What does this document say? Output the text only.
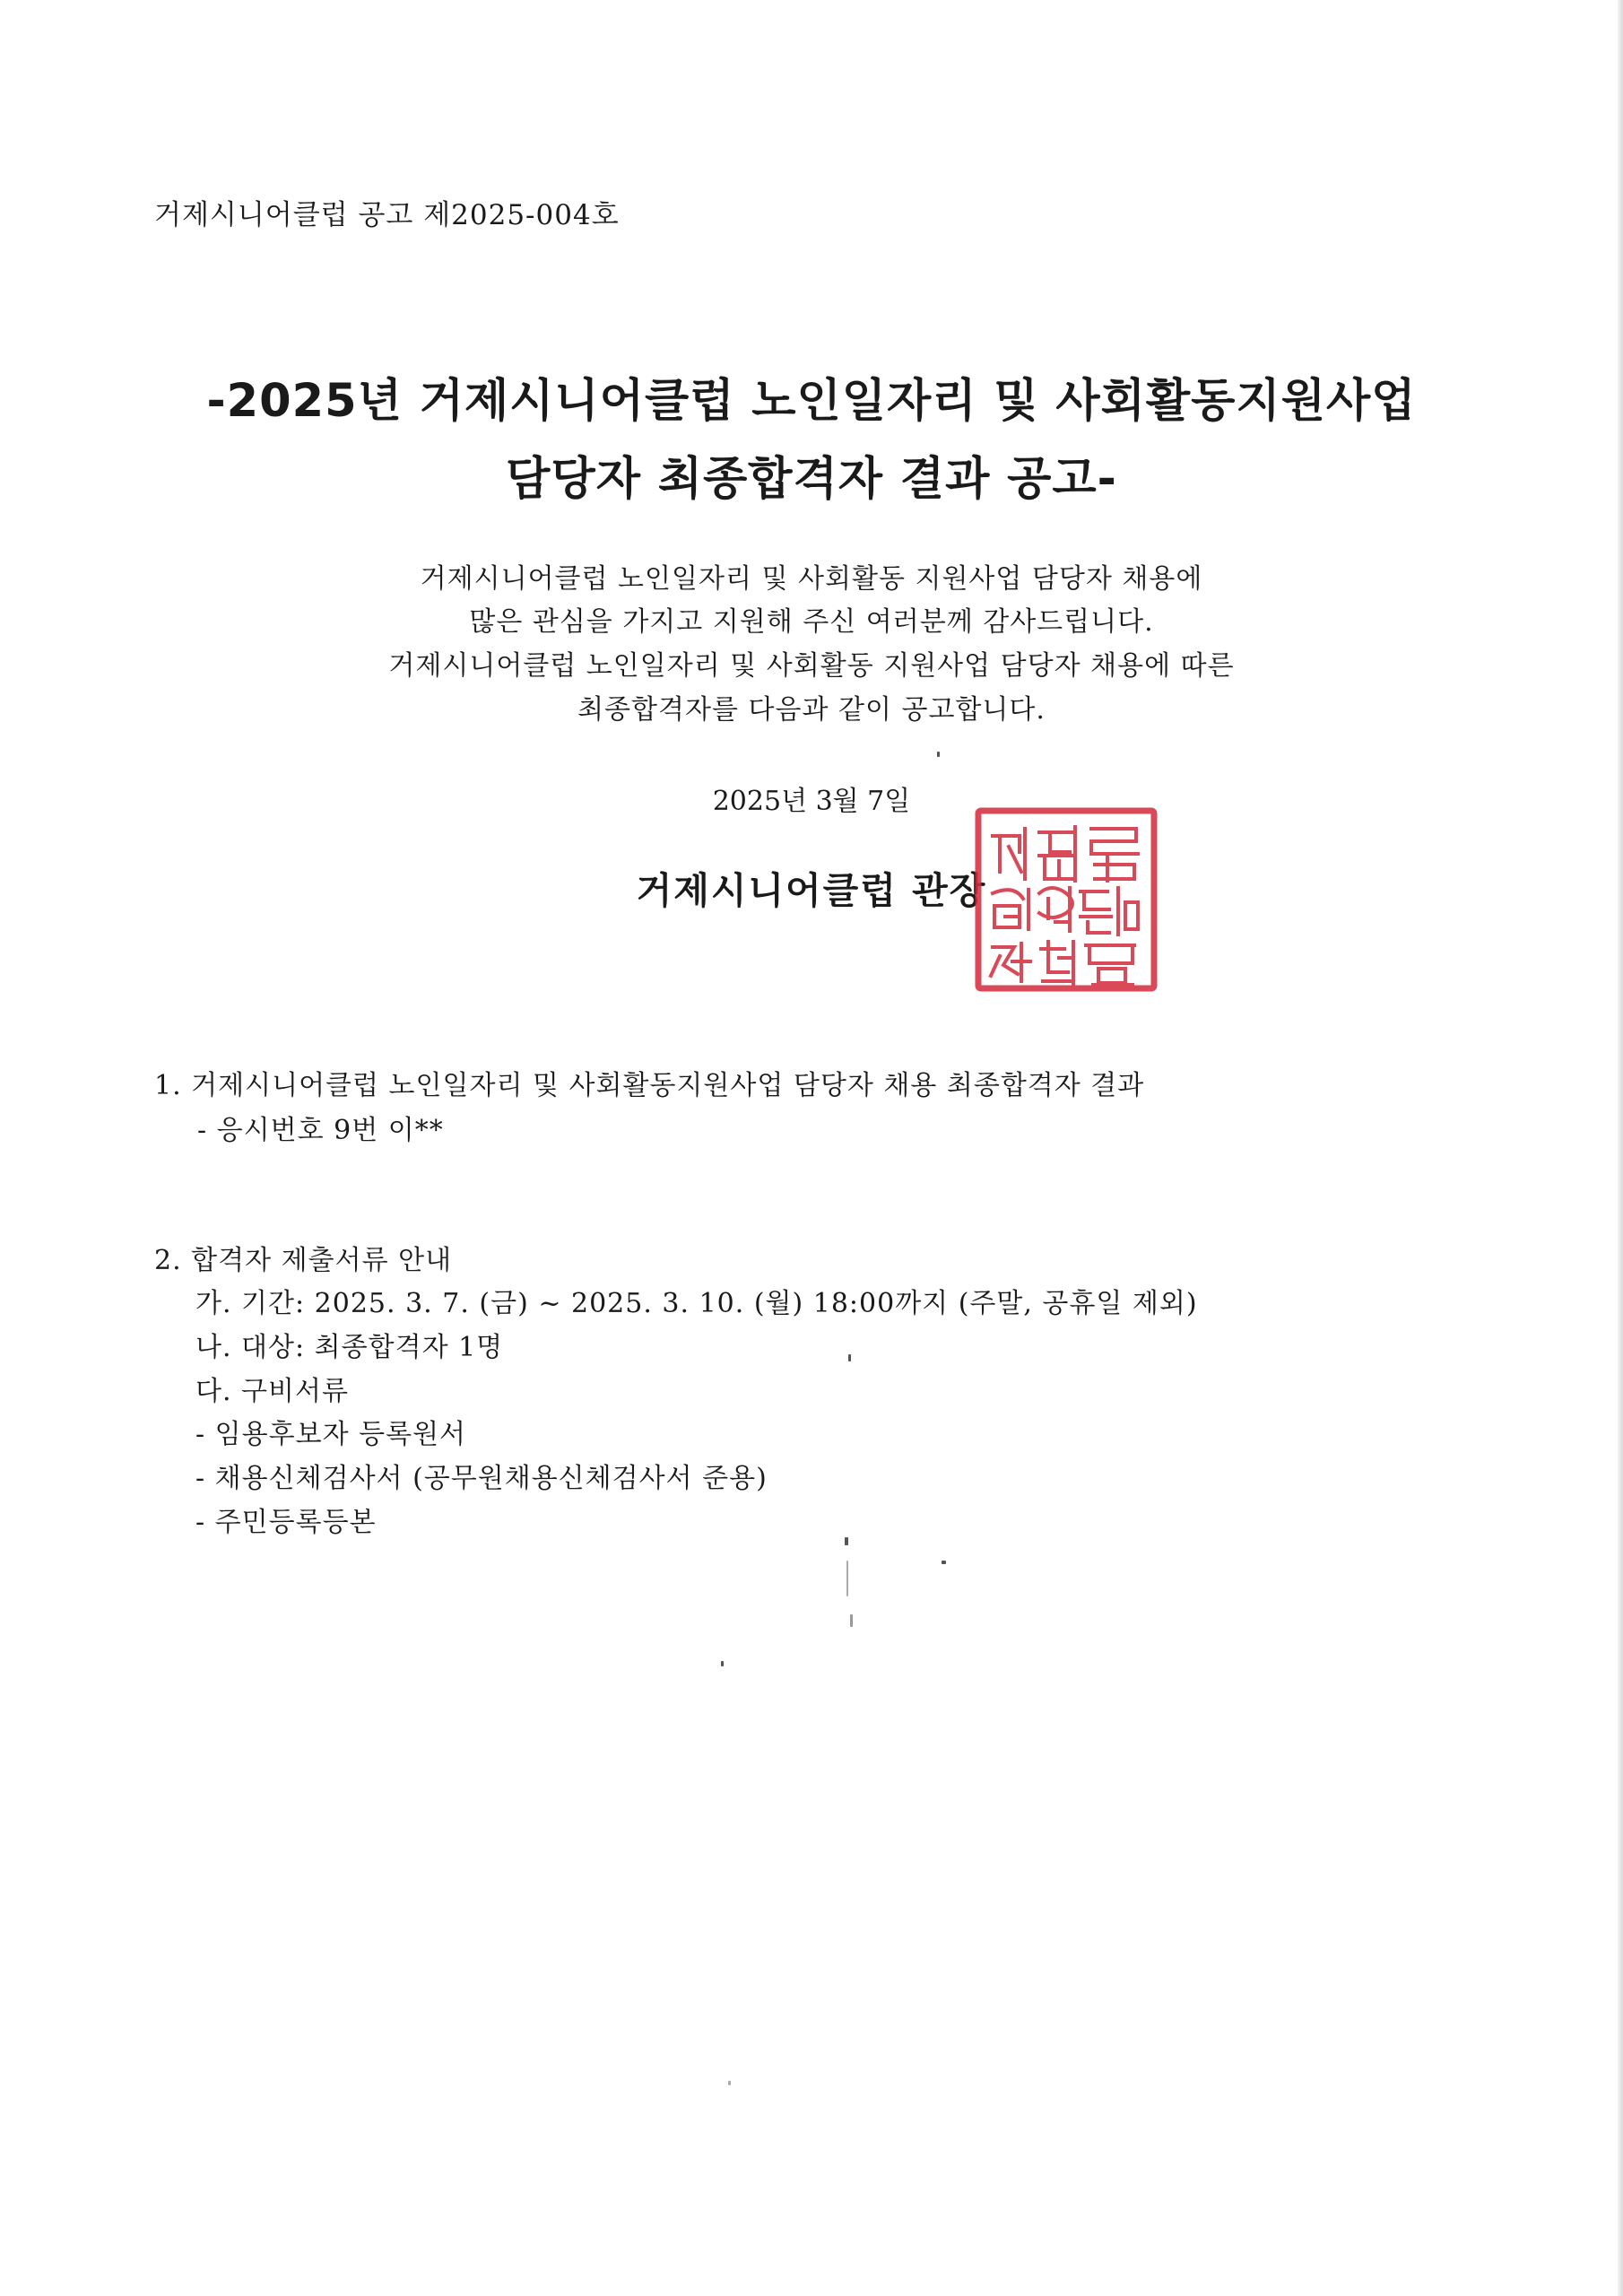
거제시니어클럽 공고 제2025-004호
-2025년 거제시니어클럽 노인일자리 및 사회활동지원사업
담당자 최종합격자 결과 공고-
거제시니어클럽 노인일자리 및 사회활동 지원사업 담당자 채용에
많은 관심을 가지고 지원해 주신 여러분께 감사드립니다.
거제시니어클럽 노인일자리 및 사회활동 지원사업 담당자 채용에 따른
최종합격자를 다음과 같이 공고합니다.
2025년 3월 7일
거제시니어클럽 관장
1. 거제시니어클럽 노인일자리 및 사회활동지원사업 담당자 채용 최종합격자 결과
- 응시번호 9번 이**
2. 합격자 제출서류 안내
가. 기간: 2025. 3. 7. (금) ~ 2025. 3. 10. (월) 18:00까지 (주말, 공휴일 제외)
나. 대상: 최종합격자 1명
다. 구비서류
- 임용후보자 등록원서
- 채용신체검사서 (공무원채용신체검사서 준용)
- 주민등록등본
